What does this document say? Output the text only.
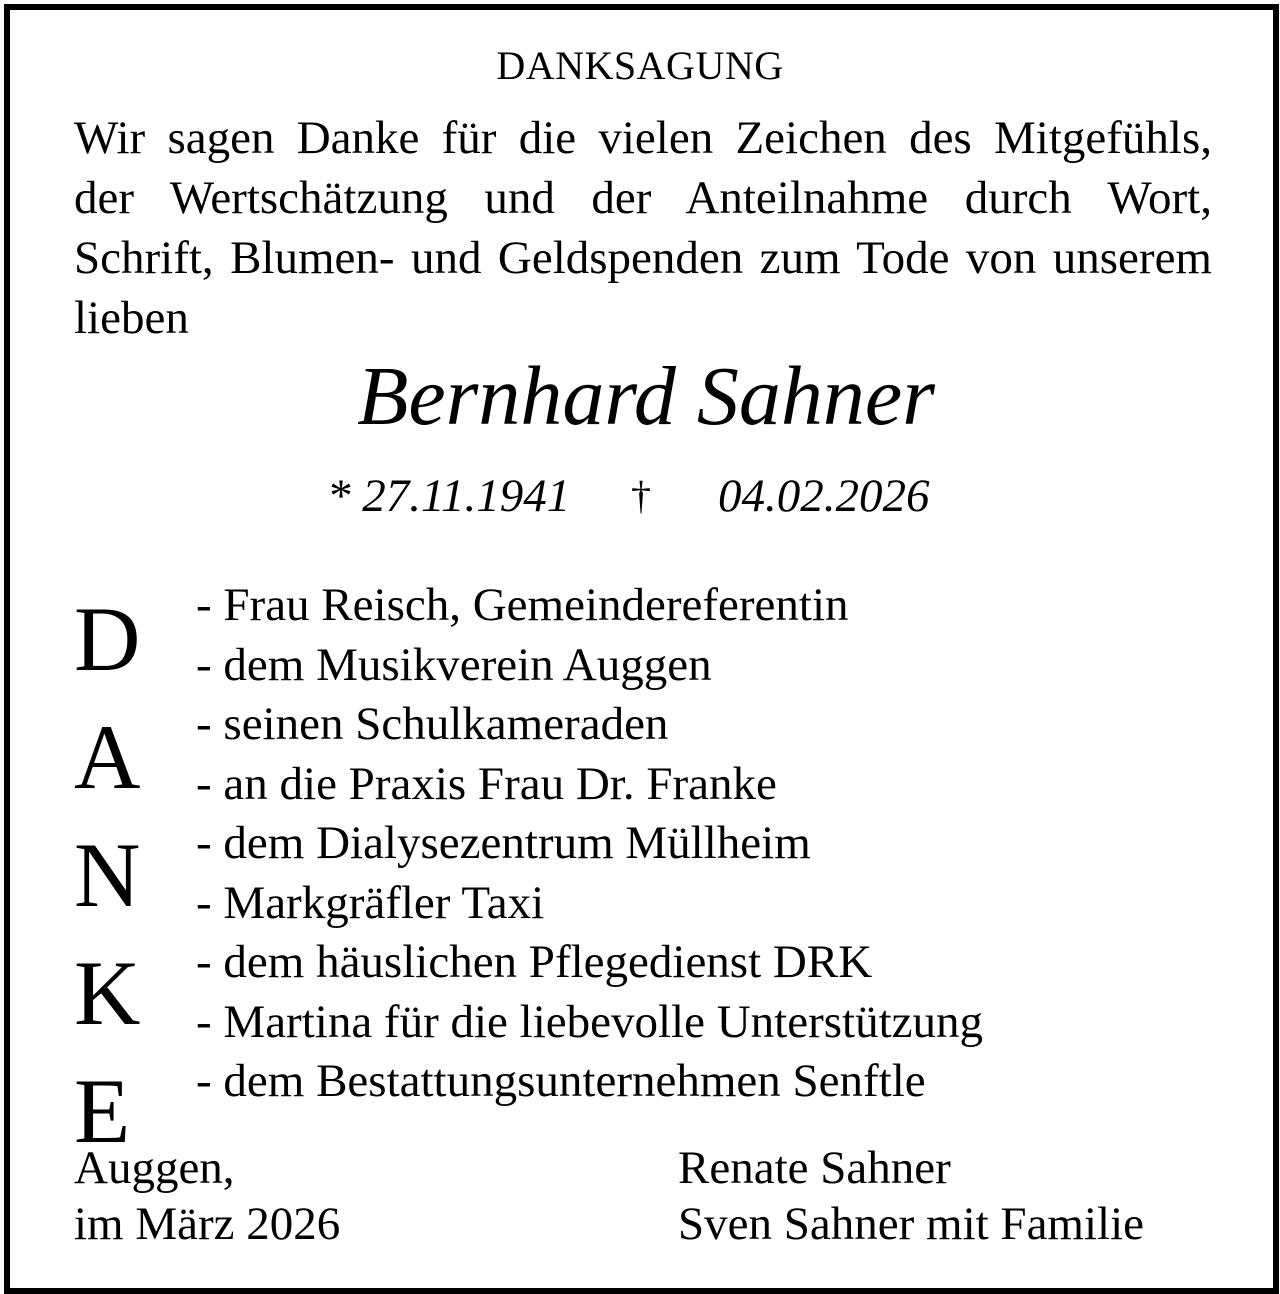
DANKSAGUNG
Wir sagen Danke für die vielen Zeichen des Mitgefühls,
der Wertschätzung und der Anteilnahme durch Wort,
Schrift, Blumen- und Geldspenden zum Tode von unserem
lieben
Bernhard Sahner
* 27.11.1941 † 04.02.2026
D
A
N
K
E
- Frau Reisch, Gemeindereferentin
- dem Musikverein Auggen
- seinen Schulkameraden
- an die Praxis Frau Dr. Franke
- dem Dialysezentrum Müllheim
- Markgräfler Taxi
- dem häuslichen Pflegedienst DRK
- Martina für die liebevolle Unterstützung
- dem Bestattungsunternehmen Senftle
Auggen,
im März 2026
Renate Sahner
Sven Sahner mit Familie
